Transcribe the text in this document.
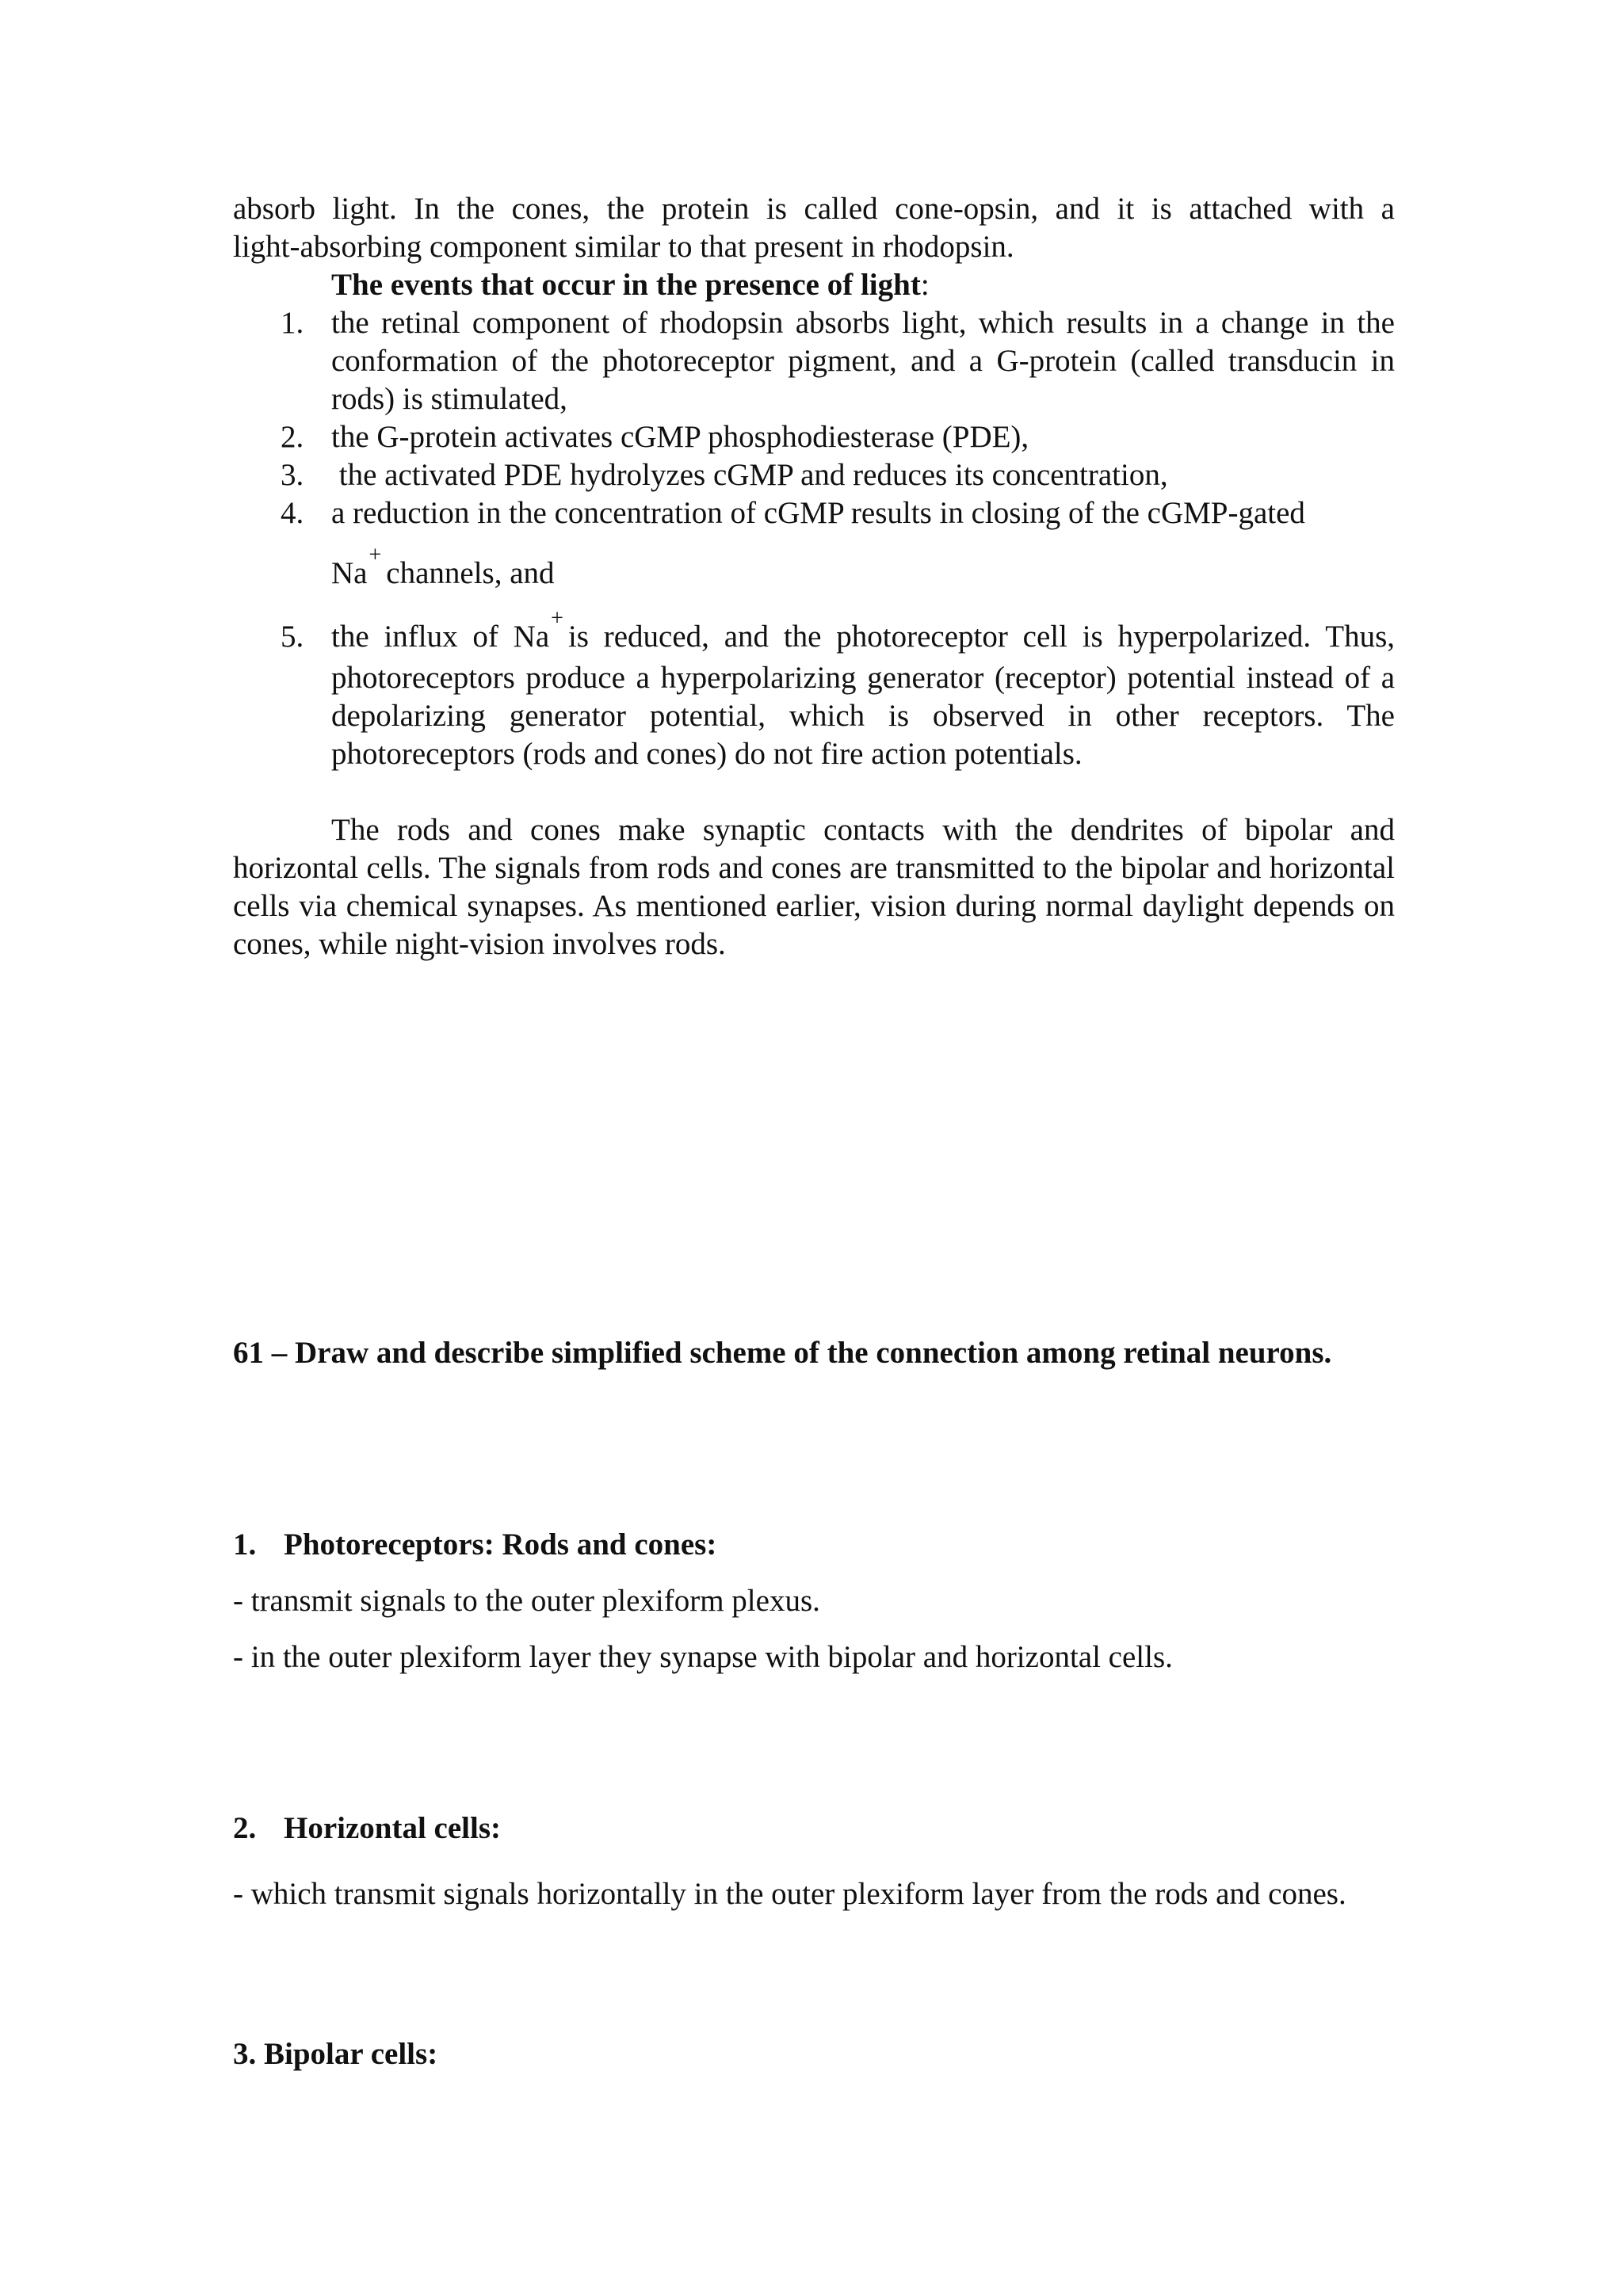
absorb light. In the cones, the protein is called cone-opsin, and it is attached with a

light-absorbing component similar to that present in rhodopsin.

The events that occur in the presence of light:

1. the retinal component of rhodopsin absorbs light, which results in a change in the conformation of the photoreceptor pigment, and a G-protein (called transducin in rods) is stimulated,
2. the G-protein activates cGMP phosphodiesterase (PDE),
3. the activated PDE hydrolyzes cGMP and reduces its concentration,
4. a reduction in the concentration of cGMP results in closing of the cGMP-gated
Na+channels, and
5. the influx of Na+is reduced, and the photoreceptor cell is hyperpolarized. Thus, photoreceptors produce a hyperpolarizing generator (receptor) potential instead of a depolarizing generator potential, which is observed in other receptors. The photoreceptors (rods and cones) do not fire action potentials.

The rods and cones make synaptic contacts with the dendrites of bipolar and

horizontal cells. The signals from rods and cones are transmitted to the bipolar and horizontal cells via chemical synapses. As mentioned earlier, vision during normal daylight depends on cones, while night-vision involves rods.

61 – Draw and describe simplified scheme of the connection among retinal neurons.

1. Photoreceptors: Rods and cones:

- transmit signals to the outer plexiform plexus.

- in the outer plexiform layer they synapse with bipolar and horizontal cells.

2. Horizontal cells:

- which transmit signals horizontally in the outer plexiform layer from the rods and cones.

3. Bipolar cells:
